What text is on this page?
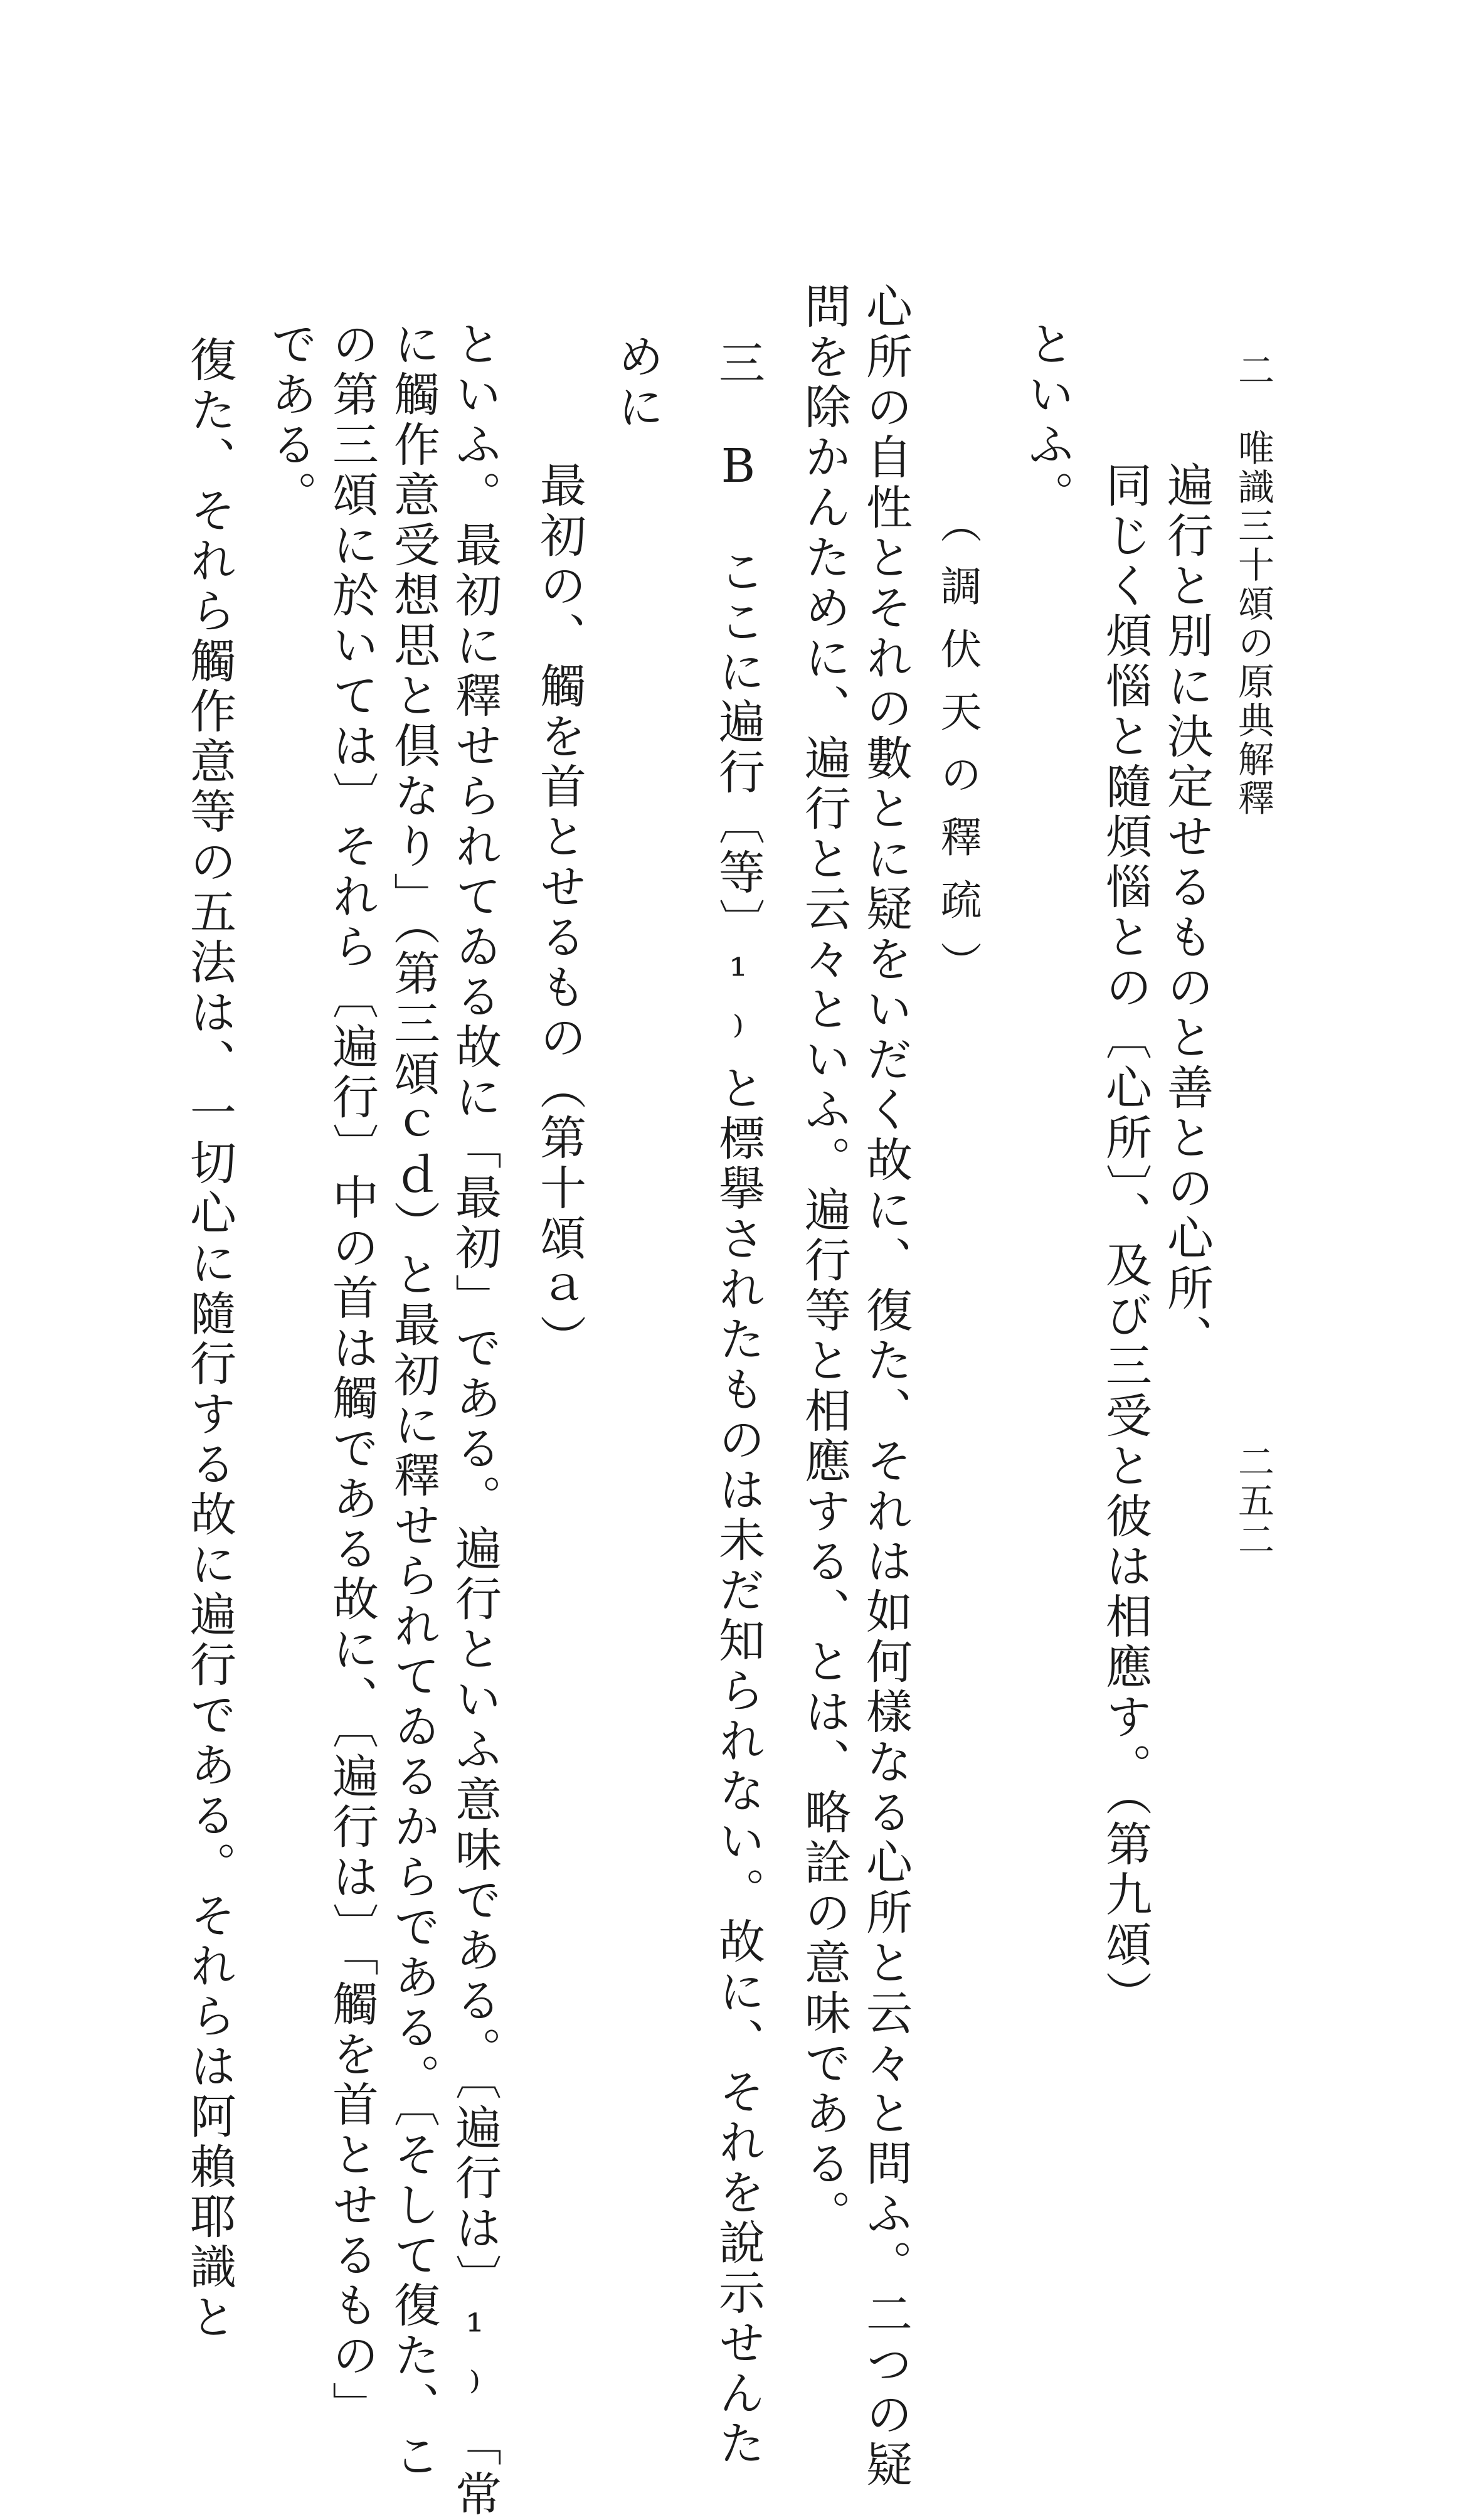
二　唯識三十頌の原典解釋
二五二
遍行と別に決定せるものと善との心所、
同じく煩惱と隨煩惱との〔心所〕、及び三受と彼は相應す。（第九頌）
といふ。
（調伏天の釋疏）
心所の自性とそれの數とに疑をいだく故に、復た、それは如何樣なる心所と云々と問ふ。二つの疑
問を除かんために、遍行と云々といふ。遍行等と相應する、とは、略詮の意味である。
めに 三　B　ここに遍行〔等〕¹⁾と標擧されたものは未だ知られない。故に、それを說示せんた
最初の、觸を首とせるもの（第十頌ａ）
といふ。最初に釋せられてゐる故に「最初」である。遍行といふ意味である。〔遍行は〕¹⁾「常
に觸作意受想思と倶なり」（第三頌ｃｄ）と最初に釋せられてゐるからである。〔そして復た、こ
の第三頌に於いては〕それら〔遍行〕中の首は觸である故に、〔遍行は〕「觸を首とせるもの」
である。
復た、それら觸作意等の五法は、一切心に隨行する故に遍行である。それらは阿賴耶識と
